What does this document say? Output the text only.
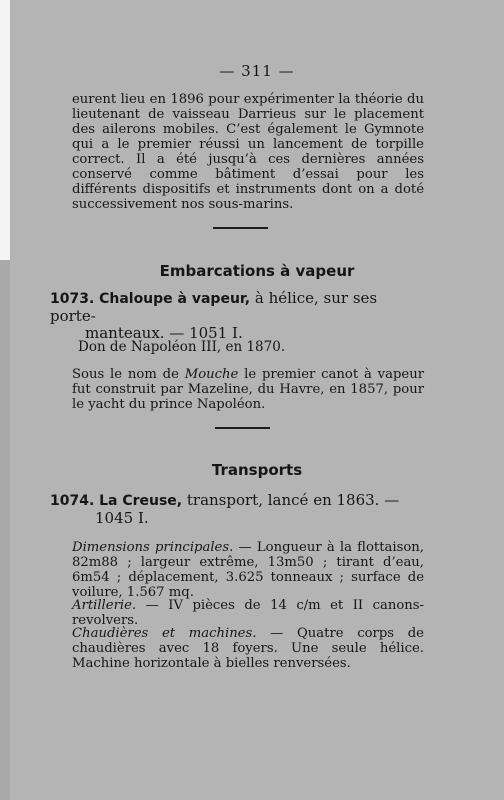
— 311 —
eurent lieu en 1896 pour expérimenter la théorie du lieutenant de vaisseau Darrieus sur le placement des ailerons mobiles. C’est également le Gymnote qui a le premier réussi un lancement de torpille correct. Il a été jusqu’à ces dernières années conservé comme bâtiment d’essai pour les différents dispositifs et instruments dont on a doté successivement nos sous-marins.
Embarcations à vapeur
1073. Chaloupe à vapeur, à hélice, sur ses porte-
manteaux. — 1051 I.
Don de Napoléon III, en 1870.
Sous le nom de Mouche le premier canot à vapeur fut construit par Mazeline, du Havre, en 1857, pour le yacht du prince Napoléon.
Transports
1074. La Creuse, transport, lancé en 1863. —
1045 I.
Dimensions principales. — Longueur à la flottaison, 82m88 ; largeur extrême, 13m50 ; tirant d’eau, 6m54 ; déplacement, 3.625 tonneaux ; surface de voilure, 1.567 mq.
Artillerie. — IV pièces de 14 c/m et II canons-revolvers.
Chaudières et machines. — Quatre corps de chaudières avec 18 foyers. Une seule hélice. Machine horizontale à bielles renversées.
